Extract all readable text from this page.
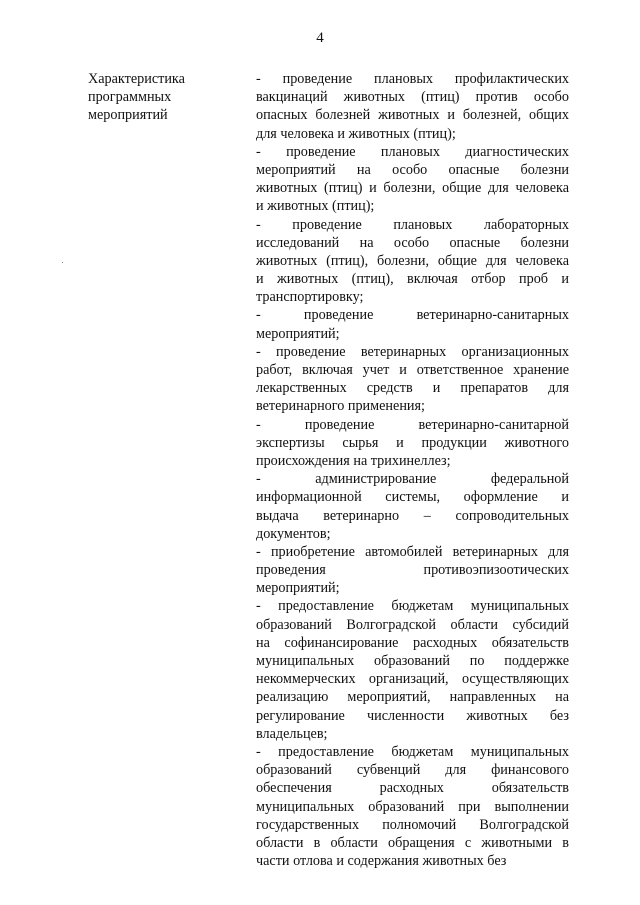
4
Характеристика
программных
мероприятий
- проведение плановых профилактических
вакцинаций животных (птиц) против особо
опасных болезней животных и болезней, общих
для человека и животных (птиц);
- проведение плановых диагностических
мероприятий на особо опасные болезни
животных (птиц) и болезни, общие для человека
и животных (птиц);
- проведение плановых лабораторных
исследований на особо опасные болезни
животных (птиц), болезни, общие для человека
и животных (птиц), включая отбор проб и
транспортировку;
- проведение ветеринарно-санитарных
мероприятий;
- проведение ветеринарных организационных
работ, включая учет и ответственное хранение
лекарственных средств и препаратов для
ветеринарного применения;
- проведение ветеринарно-санитарной
экспертизы сырья и продукции животного
происхождения на трихинеллез;
- администрирование федеральной
информационной системы, оформление и
выдача ветеринарно – сопроводительных
документов;
- приобретение автомобилей ветеринарных для
проведения противоэпизоотических
мероприятий;
- предоставление бюджетам муниципальных
образований Волгоградской области субсидий
на софинансирование расходных обязательств
муниципальных образований по поддержке
некоммерческих организаций, осуществляющих
реализацию мероприятий, направленных на
регулирование численности животных без
владельцев;
- предоставление бюджетам муниципальных
образований субвенций для финансового
обеспечения расходных обязательств
муниципальных образований при выполнении
государственных полномочий Волгоградской
области в области обращения с животными в
части отлова и содержания животных без
